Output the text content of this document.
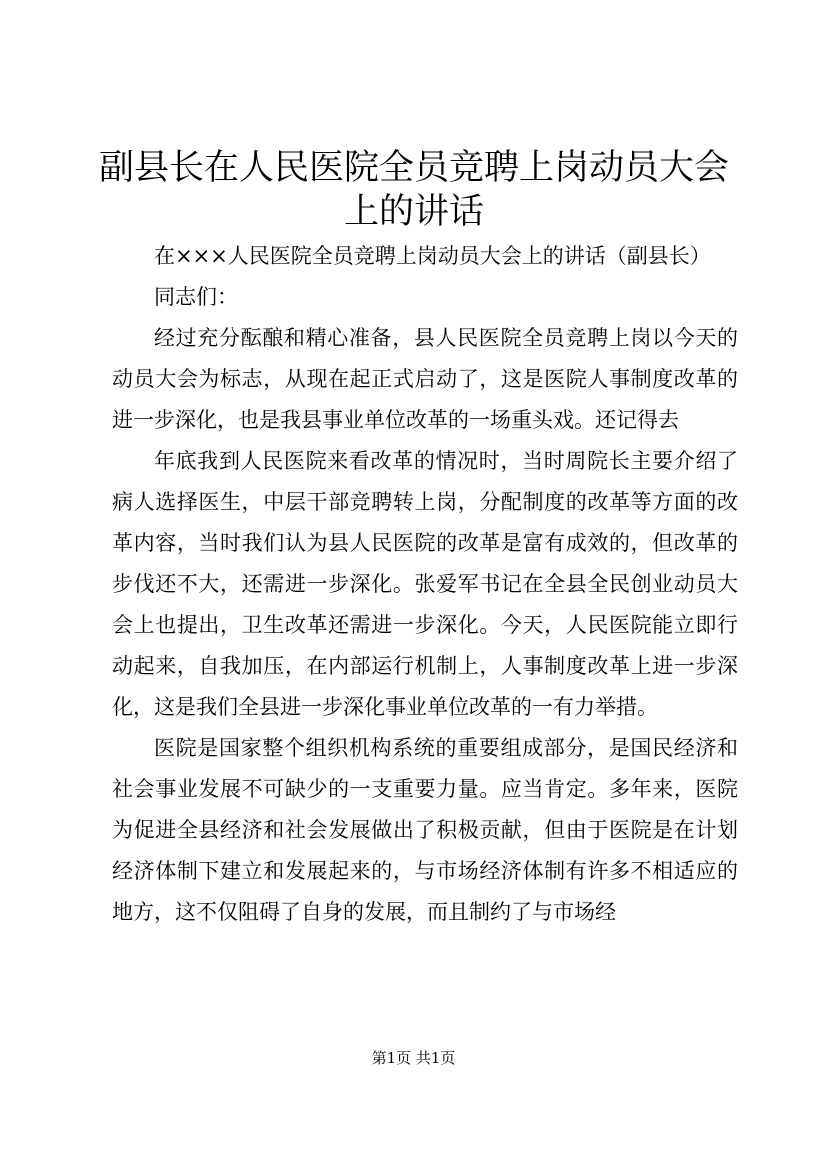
副县长在人民医院全员竞聘上岗动员大会上的讲话

在×××人民医院全员竞聘上岗动员大会上的讲话（副县长）

同志们：

经过充分酝酿和精心准备，县人民医院全员竞聘上岗以今天的动员大会为标志，从现在起正式启动了，这是医院人事制度改革的进一步深化，也是我县事业单位改革的一场重头戏。还记得去

年底我到人民医院来看改革的情况时，当时周院长主要介绍了病人选择医生，中层干部竞聘转上岗，分配制度的改革等方面的改革内容，当时我们认为县人民医院的改革是富有成效的，但改革的步伐还不大，还需进一步深化。张爱军书记在全县全民创业动员大会上也提出，卫生改革还需进一步深化。今天，人民医院能立即行动起来，自我加压，在内部运行机制上，人事制度改革上进一步深化，这是我们全县进一步深化事业单位改革的一有力举措。

医院是国家整个组织机构系统的重要组成部分，是国民经济和社会事业发展不可缺少的一支重要力量。应当肯定。多年来，医院为促进全县经济和社会发展做出了积极贡献，但由于医院是在计划经济体制下建立和发展起来的，与市场经济体制有许多不相适应的地方，这不仅阻碍了自身的发展，而且制约了与市场经

第1页 共1页
